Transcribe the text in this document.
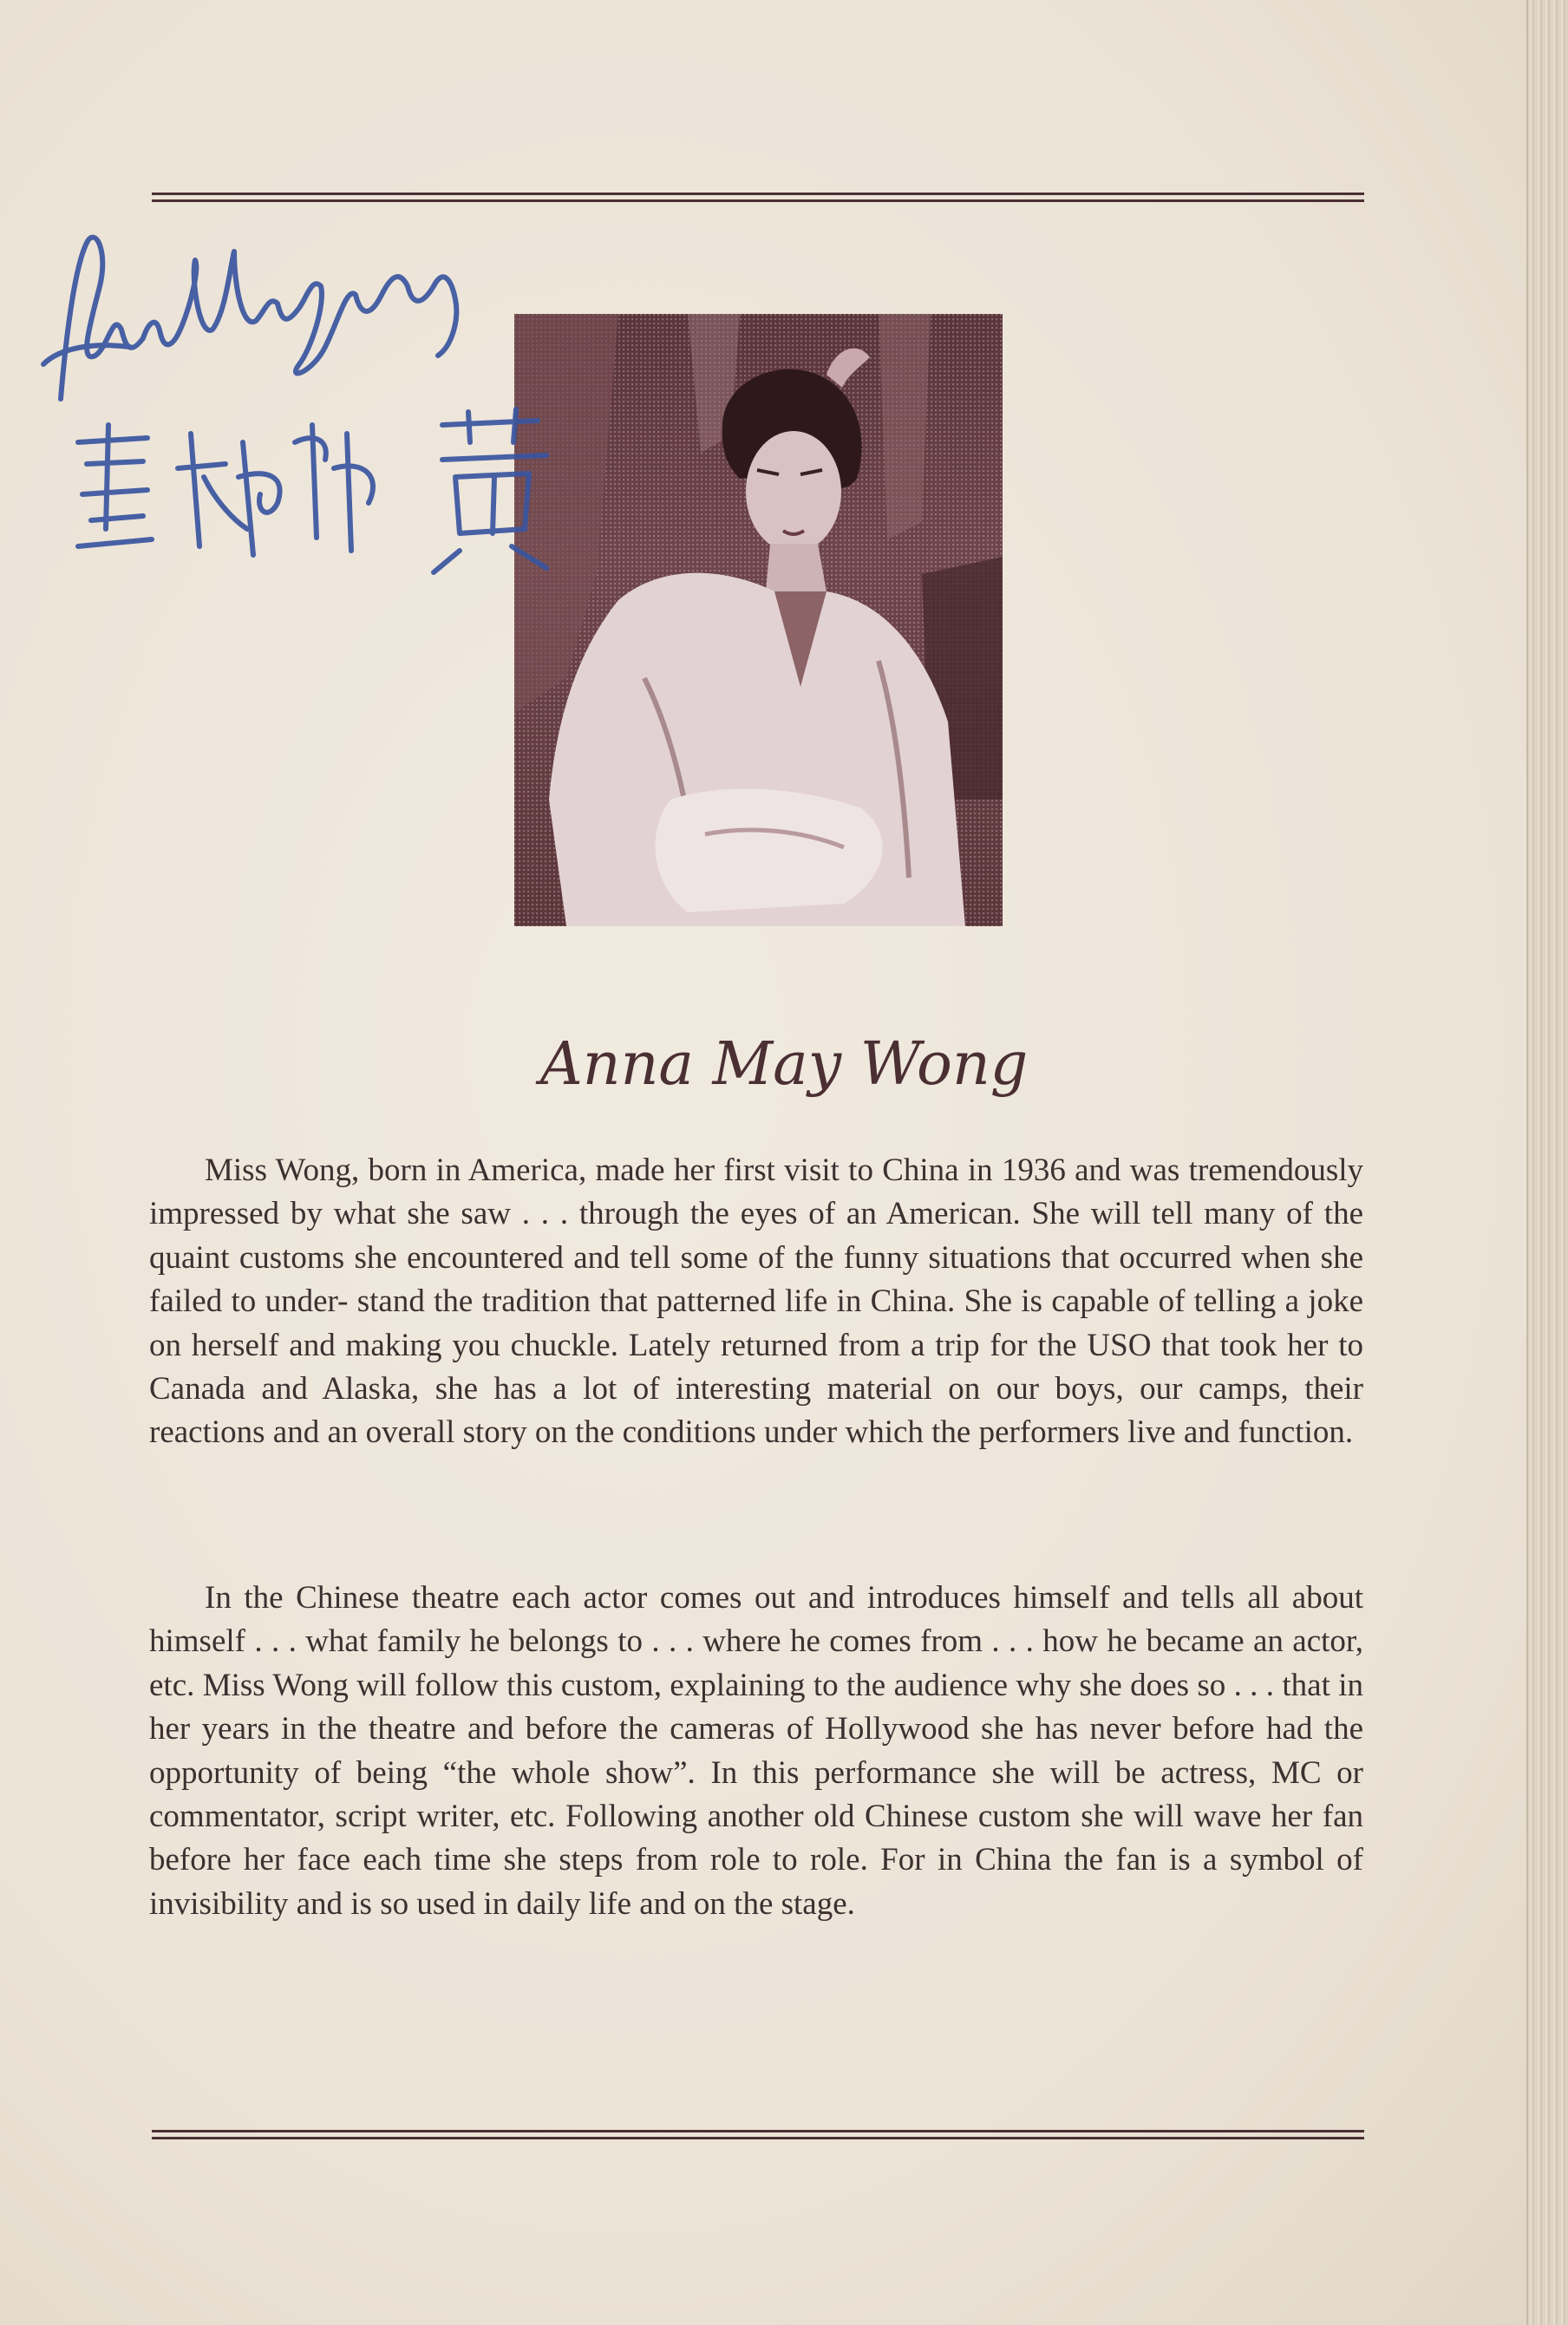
Anna May Wong

Miss Wong, born in America, made her first visit to China in 1936 and was tremendously impressed by what she saw . . . through the eyes of an American. She will tell many of the quaint customs she encountered and tell some of the funny situations that occurred when she failed to under- stand the tradition that patterned life in China. She is capable of telling a joke on herself and making you chuckle. Lately returned from a trip for the USO that took her to Canada and Alaska, she has a lot of interesting material on our boys, our camps, their reactions and an overall story on the conditions under which the performers live and function.

In the Chinese theatre each actor comes out and introduces himself and tells all about himself . . . what family he belongs to . . . where he comes from . . . how he became an actor, etc. Miss Wong will follow this custom, explaining to the audience why she does so . . . that in her years in the theatre and before the cameras of Hollywood she has never before had the opportunity of being “the whole show”. In this performance she will be actress, MC or commentator, script writer, etc. Following another old Chinese custom she will wave her fan before her face each time she steps from role to role. For in China the fan is a symbol of invisibility and is so used in daily life and on the stage.
